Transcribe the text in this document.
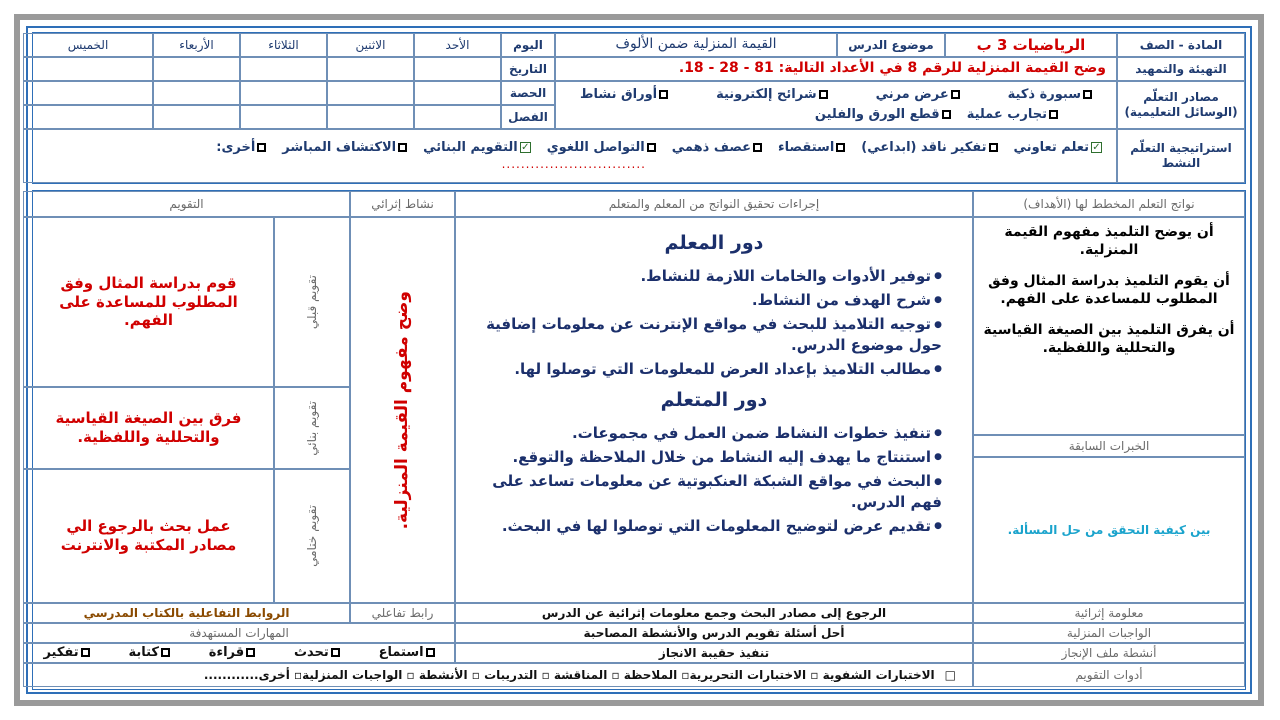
المادة - الصف
الرياضيات 3 ب
موضوع الدرس
القيمة المنزلية ضمن الألوف
اليوم
الأحد
الاثنين
الثلاثاء
الأربعاء
الخميس
التهيئة والتمهيد
وضح القيمة المنزلية للرقم 8 في الأعداد التالية: 81 - 28 - 18.
التاريخ
مصادر التعلّم
(الوسائل التعليمية)
سبورة ذكية
عرض مرني
شرائح إلكترونية
أوراق نشاط
تجارب عملية
قطع الورق والفلين
الحصة
الفصل
استراتيجية التعلّم النشط
✓تعلم تعاوني
تفكير ناقد (ابداعي)
استقصاء
عصف ذهمي
التواصل اللغوي
✓التقويم البنائي
الاكتشاف المباشر
أخرى:
..............................
نواتج التعلم المخطط لها (الأهداف)
إجراءات تحقيق النواتج من المعلم والمتعلم
نشاط إثرائي
التقويم
أن يوضح التلميذ مفهوم القيمة المنزلية.
أن يقوم التلميذ بدراسة المثال وفق المطلوب للمساعدة على الفهم.
أن يفرق التلميذ بين الصيغة القياسية والتحللية واللفظية.
الخبرات السابقة
بين كيفية التحقق من حل المسألة.
دور المعلم
● توفير الأدوات والخامات اللازمة للنشاط.
● شرح الهدف من النشاط.
● توجيه التلاميذ للبحث في مواقع الإنترنت عن معلومات إضافية حول موضوع الدرس.
● مطالب التلاميذ بإعداد العرض للمعلومات التي توصلوا لها.
دور المتعلم
● تنفيذ خطوات النشاط ضمن العمل في مجموعات.
● استنتاج ما يهدف إليه النشاط من خلال الملاحظة والتوقع.
● البحث في مواقع الشبكة العنكبوتية عن معلومات تساعد على فهم الدرس.
● تقديم عرض لتوضيح المعلومات التي توصلوا لها في البحث.
وضح مفهوم القيمة المنزلية.
تقويم قبلي
تقويم بنائي
تقويم ختامي
قوم بدراسة المثال وفق المطلوب للمساعدة على الفهم.
فرق بين الصيغة القياسية والتحللية واللفظية.
عمل بحث بالرجوع الي مصادر المكتبة والانترنت
معلومة إثرائية
الرجوع إلى مصادر البحث وجمع معلومات إثرائية عن الدرس
رابط تفاعلي
الروابط التفاعلية بالكتاب المدرسي
الواجبات المنزلية
أحل أسئلة تقويم الدرس والأنشطة المصاحبة
المهارات المستهدفة
أنشطة ملف الإنجاز
تنفيذ حقيبة الانجاز
استماع
تحدث
قراءة
كتابة
تفكير
أدوات التقويم
□
الاختبارات الشفوية ▫ الاختبارات التحريرية▫ الملاحظة ▫ المناقشة ▫ التدريبات ▫ الأنشطة ▫ الواجبات المنزلية▫ أخرى............
